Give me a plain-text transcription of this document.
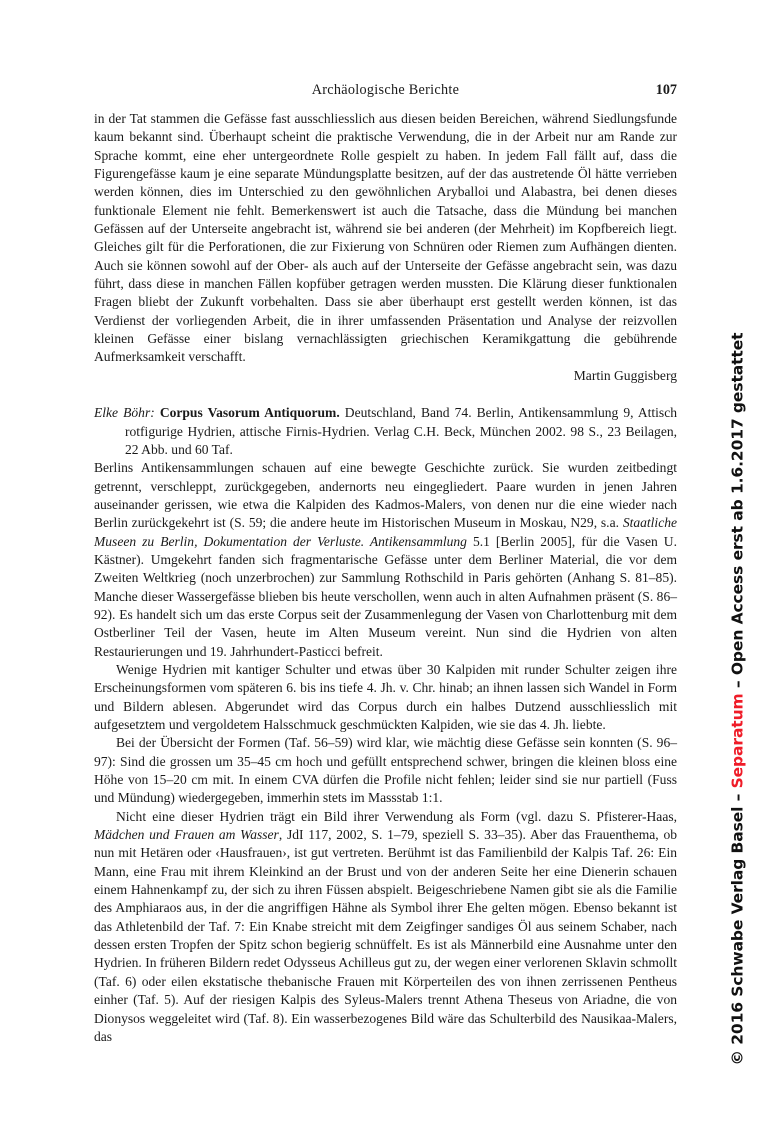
Archäologische Berichte	107

in der Tat stammen die Gefässe fast ausschliesslich aus diesen beiden Bereichen, während Siedlungsfunde kaum bekannt sind. Überhaupt scheint die praktische Verwendung, die in der Arbeit nur am Rande zur Sprache kommt, eine eher untergeordnete Rolle gespielt zu haben. In jedem Fall fällt auf, dass die Figurengefässe kaum je eine separate Mündungsplatte besitzen, auf der das austretende Öl hätte verrieben werden können, dies im Unterschied zu den gewöhnlichen Aryballoi und Alabastra, bei denen dieses funktionale Element nie fehlt. Bemerkenswert ist auch die Tatsache, dass die Mündung bei manchen Gefässen auf der Unterseite angebracht ist, während sie bei anderen (der Mehrheit) im Kopfbereich liegt. Gleiches gilt für die Perforationen, die zur Fixierung von Schnüren oder Riemen zum Aufhängen dienten. Auch sie können sowohl auf der Ober- als auch auf der Unterseite der Gefässe angebracht sein, was dazu führt, dass diese in manchen Fällen kopfüber getragen werden mussten. Die Klärung dieser funktionalen Fragen bliebt der Zukunft vorbehalten. Dass sie aber überhaupt erst gestellt werden können, ist das Verdienst der vorliegenden Arbeit, die in ihrer umfassenden Präsentation und Analyse der reizvollen kleinen Gefässe einer bislang vernachlässigten griechischen Keramikgattung die gebührende Aufmerksamkeit verschafft.

Martin Guggisberg

Elke Böhr: Corpus Vasorum Antiquorum. Deutschland, Band 74. Berlin, Antikensammlung 9, Attisch rotfigurige Hydrien, attische Firnis-Hydrien. Verlag C.H. Beck, München 2002. 98 S., 23 Beilagen, 22 Abb. und 60 Taf.

Berlins Antikensammlungen schauen auf eine bewegte Geschichte zurück. Sie wurden zeitbedingt getrennt, verschleppt, zurückgegeben, andernorts neu eingegliedert. Paare wurden in jenen Jahren auseinander gerissen, wie etwa die Kalpiden des Kadmos-Malers, von denen nur die eine wieder nach Berlin zurückgekehrt ist (S. 59; die andere heute im Historischen Museum in Moskau, N29, s.a. Staatliche Museen zu Berlin, Dokumentation der Verluste. Antikensammlung 5.1 [Berlin 2005], für die Vasen U. Kästner). Umgekehrt fanden sich fragmentarische Gefässe unter dem Berliner Material, die vor dem Zweiten Weltkrieg (noch unzerbrochen) zur Sammlung Rothschild in Paris gehörten (Anhang S. 81–85). Manche dieser Wassergefässe blieben bis heute verschollen, wenn auch in alten Aufnahmen präsent (S. 86–92). Es handelt sich um das erste Corpus seit der Zusammenlegung der Vasen von Charlottenburg mit dem Ostberliner Teil der Vasen, heute im Alten Museum vereint. Nun sind die Hydrien von alten Restaurierungen und 19. Jahrhundert-Pasticci befreit.

Wenige Hydrien mit kantiger Schulter und etwas über 30 Kalpiden mit runder Schulter zeigen ihre Erscheinungsformen vom späteren 6. bis ins tiefe 4. Jh. v. Chr. hinab; an ihnen lassen sich Wandel in Form und Bildern ablesen. Abgerundet wird das Corpus durch ein halbes Dutzend ausschliesslich mit aufgesetztem und vergoldetem Halsschmuck geschmückten Kalpiden, wie sie das 4. Jh. liebte.

Bei der Übersicht der Formen (Taf. 56–59) wird klar, wie mächtig diese Gefässe sein konnten (S. 96–97): Sind die grossen um 35–45 cm hoch und gefüllt entsprechend schwer, bringen die kleinen bloss eine Höhe von 15–20 cm mit. In einem CVA dürfen die Profile nicht fehlen; leider sind sie nur partiell (Fuss und Mündung) wiedergegeben, immerhin stets im Massstab 1:1.

Nicht eine dieser Hydrien trägt ein Bild ihrer Verwendung als Form (vgl. dazu S. Pfisterer-Haas, Mädchen und Frauen am Wasser, JdI 117, 2002, S. 1–79, speziell S. 33–35). Aber das Frauenthema, ob nun mit Hetären oder ‹Hausfrauen›, ist gut vertreten. Berühmt ist das Familienbild der Kalpis Taf. 26: Ein Mann, eine Frau mit ihrem Kleinkind an der Brust und von der anderen Seite her eine Dienerin schauen einem Hahnenkampf zu, der sich zu ihren Füssen abspielt. Beigeschriebene Namen gibt sie als die Familie des Amphiaraos aus, in der die angriffigen Hähne als Symbol ihrer Ehe gelten mögen. Ebenso bekannt ist das Athletenbild der Taf. 7: Ein Knabe streicht mit dem Zeigfinger sandiges Öl aus seinem Schaber, nach dessen ersten Tropfen der Spitz schon begierig schnüffelt. Es ist als Männerbild eine Ausnahme unter den Hydrien. In früheren Bildern redet Odysseus Achilleus gut zu, der wegen einer verlorenen Sklavin schmollt (Taf. 6) oder eilen ekstatische thebanische Frauen mit Körperteilen des von ihnen zerrissenen Pentheus einher (Taf. 5). Auf der riesigen Kalpis des Syleus-Malers trennt Athena Theseus von Ariadne, die von Dionysos weggeleitet wird (Taf. 8). Ein wasserbezogenes Bild wäre das Schulterbild des Nausikaa-Malers, das	© 2016 Schwabe Verlag Basel – Separatum – Open Access erst ab 1.6.2017 gestattet
